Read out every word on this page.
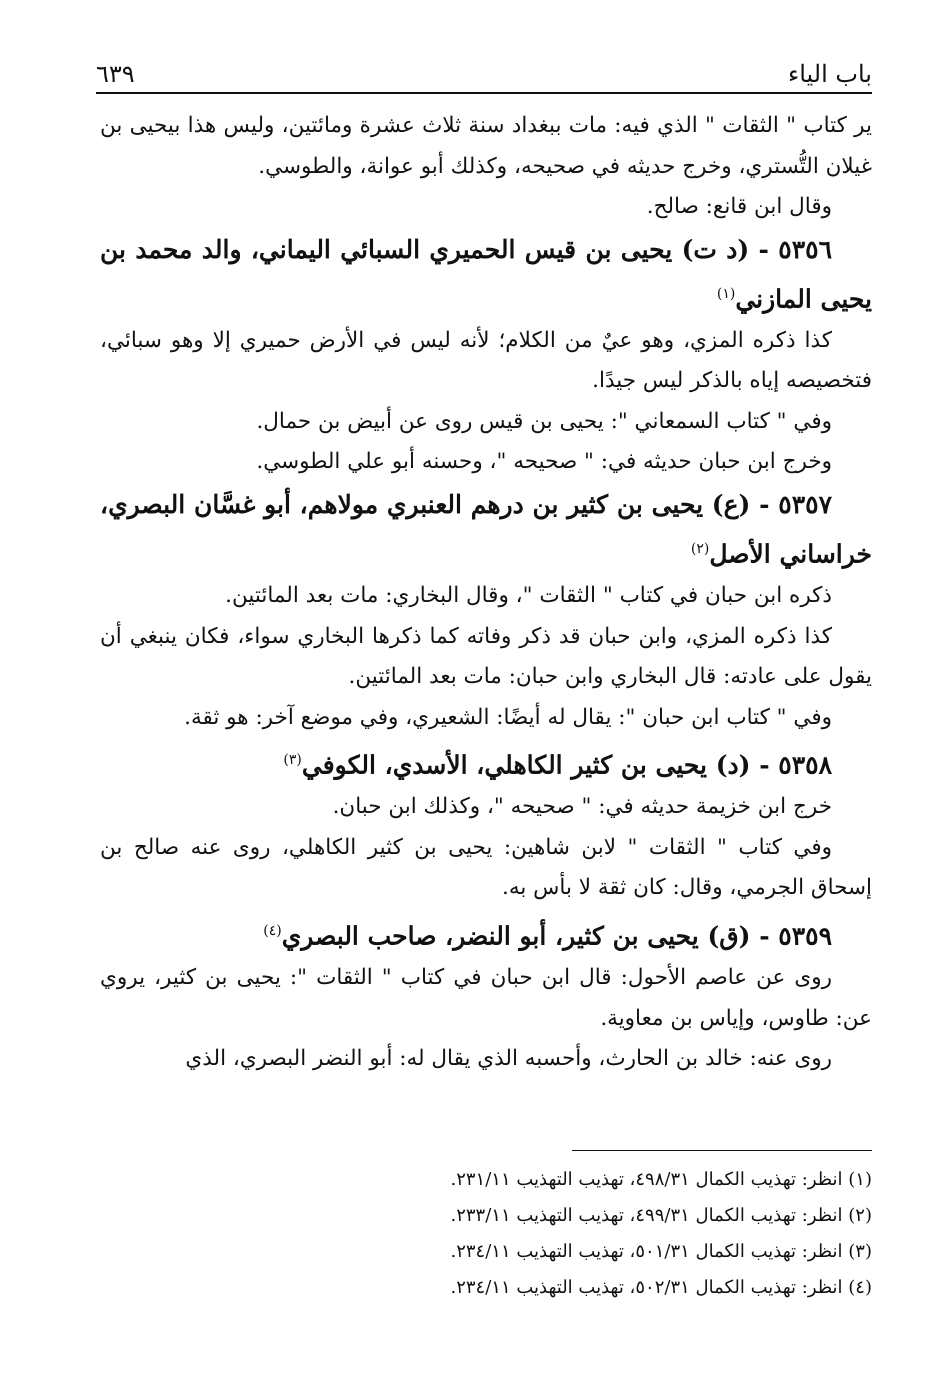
باب الياء
٦٣٩

ير كتاب " الثقات " الذي فيه: مات ببغداد سنة ثلاث عشرة ومائتين، وليس هذا بيحيى بن غيلان التُّستري، وخرج حديثه في صحيحه، وكذلك أبو عوانة، والطوسي.

وقال ابن قانع: صالح.

٥٣٥٦ - (د ت) يحيى بن قيس الحميري السبائي اليماني، والد محمد بن يحيى المازني$^{(١)}$

كذا ذكره المزي، وهو عيٌ من الكلام؛ لأنه ليس في الأرض حميري إلا وهو سبائي، فتخصيصه إياه بالذكر ليس جيدًا.

وفي " كتاب السمعاني ": يحيى بن قيس روى عن أبيض بن حمال.

وخرج ابن حبان حديثه في: " صحيحه "، وحسنه أبو علي الطوسي.

٥٣٥٧ - (ع) يحيى بن كثير بن درهم العنبري مولاهم، أبو غسَّان البصري، خراساني الأصل$^{(٢)}$

ذكره ابن حبان في كتاب " الثقات "، وقال البخاري: مات بعد المائتين.

كذا ذكره المزي، وابن حبان قد ذكر وفاته كما ذكرها البخاري سواء، فكان ينبغي أن يقول على عادته: قال البخاري وابن حبان: مات بعد المائتين.

وفي " كتاب ابن حبان ": يقال له أيضًا: الشعيري، وفي موضع آخر: هو ثقة.

٥٣٥٨ - (د) يحيى بن كثير الكاهلي، الأسدي، الكوفي$^{(٣)}$

خرج ابن خزيمة حديثه في: " صحيحه "، وكذلك ابن حبان.

وفي كتاب " الثقات " لابن شاهين: يحيى بن كثير الكاهلي، روى عنه صالح بن إسحاق الجرمي، وقال: كان ثقة لا بأس به.

٥٣٥٩ - (ق) يحيى بن كثير، أبو النضر، صاحب البصري$^{(٤)}$

روى عن عاصم الأحول: قال ابن حبان في كتاب " الثقات ": يحيى بن كثير، يروي عن: طاوس، وإياس بن معاوية.

روى عنه: خالد بن الحارث، وأحسبه الذي يقال له: أبو النضر البصري، الذي

(١) انظر: تهذيب الكمال ٤٩٨/٣١، تهذيب التهذيب ٢٣١/١١.

(٢) انظر: تهذيب الكمال ٤٩٩/٣١، تهذيب التهذيب ٢٣٣/١١.

(٣) انظر: تهذيب الكمال ٥٠١/٣١، تهذيب التهذيب ٢٣٤/١١.

(٤) انظر: تهذيب الكمال ٥٠٢/٣١، تهذيب التهذيب ٢٣٤/١١.
